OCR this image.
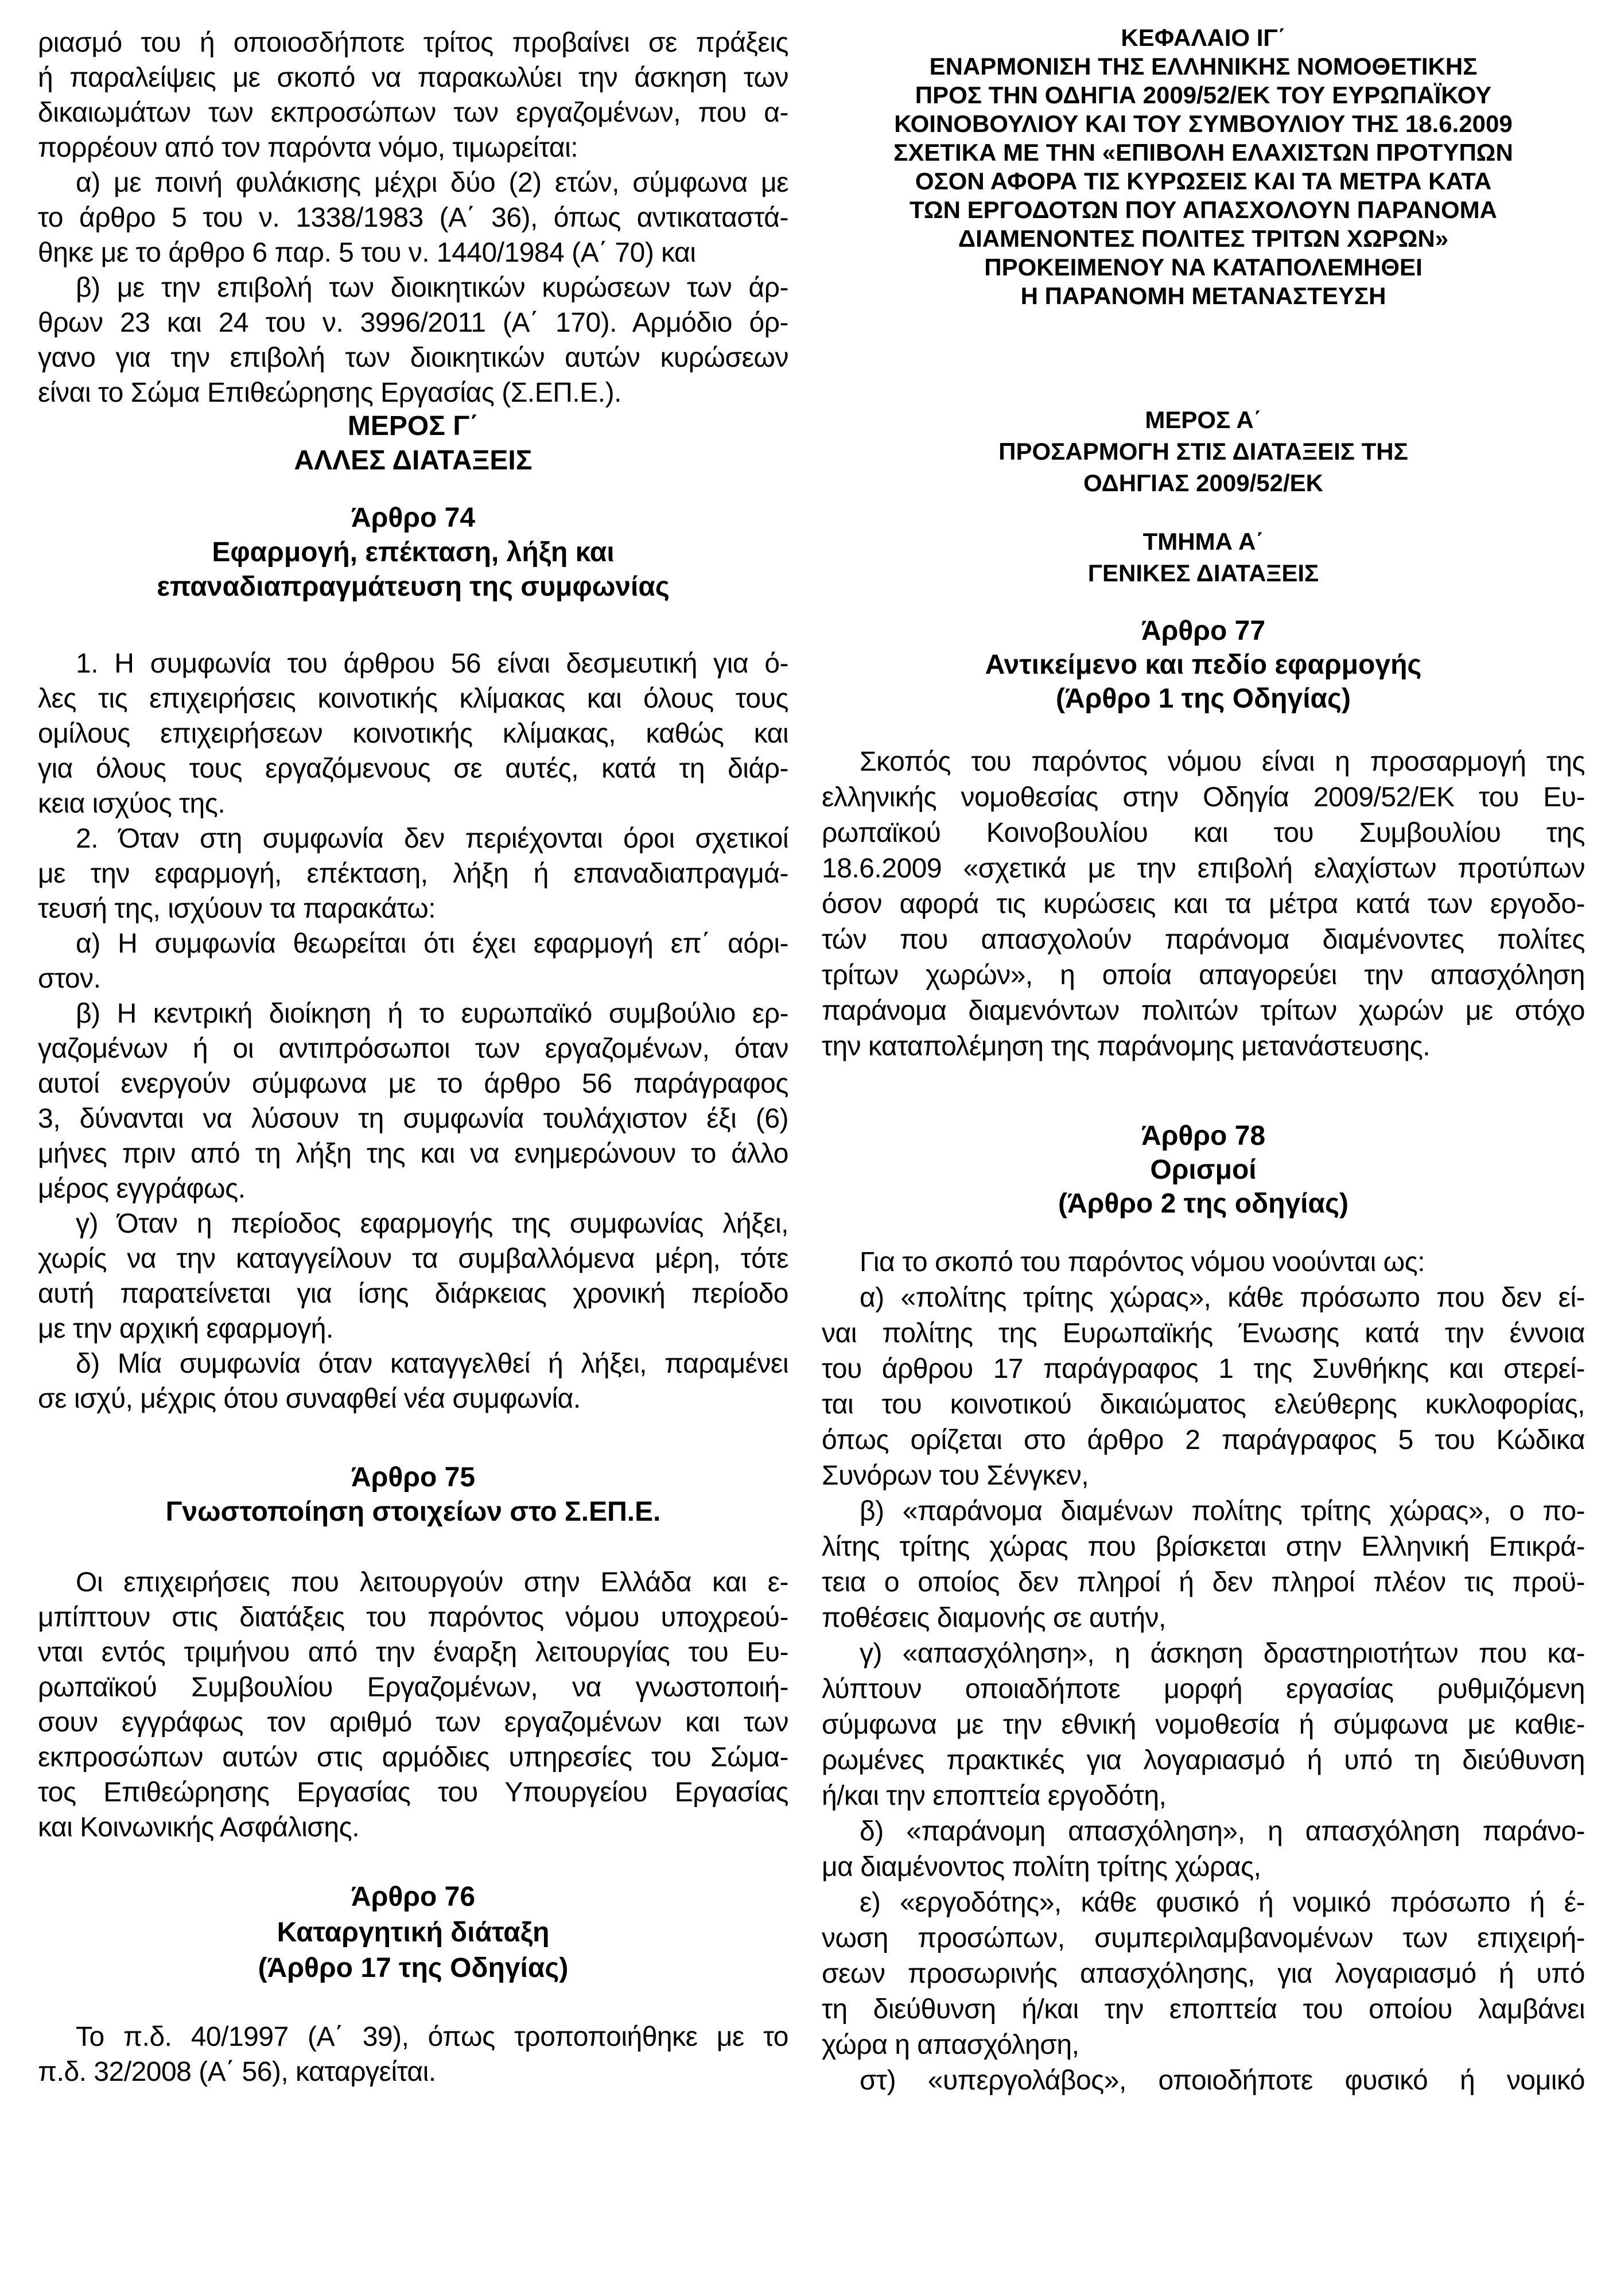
ριασμό του ή οποιοσδήποτε τρίτος προβαίνει σε πράξεις
ή παραλείψεις με σκοπό να παρακωλύει την άσκηση των
δικαιωμάτων των εκπροσώπων των εργαζομένων, που α-
πορρέουν από τον παρόντα νόμο, τιμωρείται:
α) με ποινή φυλάκισης μέχρι δύο (2) ετών, σύμφωνα με
το άρθρο 5 του ν. 1338/1983 (Α΄ 36), όπως αντικαταστά-
θηκε με το άρθρο 6 παρ. 5 του ν. 1440/1984 (Α΄ 70) και
β) με την επιβολή των διοικητικών κυρώσεων των άρ-
θρων 23 και 24 του ν. 3996/2011 (Α΄ 170). Αρμόδιο όρ-
γανο για την επιβολή των διοικητικών αυτών κυρώσεων
είναι το Σώμα Επιθεώρησης Εργασίας (Σ.ΕΠ.Ε.).
ΜΕΡΟΣ Γ΄
ΑΛΛΕΣ ΔΙΑΤΑΞΕΙΣ
Άρθρο 74
Εφαρμογή, επέκταση, λήξη και
επαναδιαπραγμάτευση της συμφωνίας
1. Η συμφωνία του άρθρου 56 είναι δεσμευτική για ό-
λες τις επιχειρήσεις κοινοτικής κλίμακας και όλους τους
ομίλους επιχειρήσεων κοινοτικής κλίμακας, καθώς και
για όλους τους εργαζόμενους σε αυτές, κατά τη διάρ-
κεια ισχύος της.
2. Όταν στη συμφωνία δεν περιέχονται όροι σχετικοί
με την εφαρμογή, επέκταση, λήξη ή επαναδιαπραγμά-
τευσή της, ισχύουν τα παρακάτω:
α) Η συμφωνία θεωρείται ότι έχει εφαρμογή επ΄ αόρι-
στον.
β) Η κεντρική διοίκηση ή το ευρωπαϊκό συμβούλιο ερ-
γαζομένων ή οι αντιπρόσωποι των εργαζομένων, όταν
αυτοί ενεργούν σύμφωνα με το άρθρο 56 παράγραφος
3, δύνανται να λύσουν τη συμφωνία τουλάχιστον έξι (6)
μήνες πριν από τη λήξη της και να ενημερώνουν το άλλο
μέρος εγγράφως.
γ) Όταν η περίοδος εφαρμογής της συμφωνίας λήξει,
χωρίς να την καταγγείλουν τα συμβαλλόμενα μέρη, τότε
αυτή παρατείνεται για ίσης διάρκειας χρονική περίοδο
με την αρχική εφαρμογή.
δ) Μία συμφωνία όταν καταγγελθεί ή λήξει, παραμένει
σε ισχύ, μέχρις ότου συναφθεί νέα συμφωνία.
Άρθρο 75
Γνωστοποίηση στοιχείων στο Σ.ΕΠ.Ε.
Οι επιχειρήσεις που λειτουργούν στην Ελλάδα και ε-
μπίπτουν στις διατάξεις του παρόντος νόμου υποχρεού-
νται εντός τριμήνου από την έναρξη λειτουργίας του Ευ-
ρωπαϊκού Συμβουλίου Εργαζομένων, να γνωστοποιή-
σουν εγγράφως τον αριθμό των εργαζομένων και των
εκπροσώπων αυτών στις αρμόδιες υπηρεσίες του Σώμα-
τος Επιθεώρησης Εργασίας του Υπουργείου Εργασίας
και Κοινωνικής Ασφάλισης.
Άρθρο 76
Καταργητική διάταξη
(Άρθρο 17 της Οδηγίας)
Το π.δ. 40/1997 (Α΄ 39), όπως τροποποιήθηκε με το
π.δ. 32/2008 (Α΄ 56), καταργείται.
ΚΕΦΑΛΑΙΟ ΙΓ΄
ΕΝΑΡΜΟΝΙΣΗ ΤΗΣ ΕΛΛΗΝΙΚΗΣ ΝΟΜΟΘΕΤΙΚΗΣ
ΠΡΟΣ ΤΗΝ ΟΔΗΓΙΑ 2009/52/ΕΚ ΤΟΥ ΕΥΡΩΠΑΪΚΟΥ
ΚΟΙΝΟΒΟΥΛΙΟΥ ΚΑΙ ΤΟΥ ΣΥΜΒΟΥΛΙΟΥ ΤΗΣ 18.6.2009
ΣΧΕΤΙΚΑ ΜΕ ΤΗΝ «ΕΠΙΒΟΛΗ ΕΛΑΧΙΣΤΩΝ ΠΡΟΤΥΠΩΝ
ΟΣΟΝ ΑΦΟΡΑ ΤΙΣ ΚΥΡΩΣΕΙΣ ΚΑΙ ΤΑ ΜΕΤΡΑ ΚΑΤΑ
ΤΩΝ ΕΡΓΟΔΟΤΩΝ ΠΟΥ ΑΠΑΣΧΟΛΟΥΝ ΠΑΡΑΝΟΜΑ
ΔΙΑΜΕΝΟΝΤΕΣ ΠΟΛΙΤΕΣ ΤΡΙΤΩΝ ΧΩΡΩΝ»
ΠΡΟΚΕΙΜΕΝΟΥ ΝΑ ΚΑΤΑΠΟΛΕΜΗΘΕΙ
Η ΠΑΡΑΝΟΜΗ ΜΕΤΑΝΑΣΤΕΥΣΗ
ΜΕΡΟΣ Α΄
ΠΡΟΣΑΡΜΟΓΗ ΣΤΙΣ ΔΙΑΤΑΞΕΙΣ ΤΗΣ
ΟΔΗΓΙΑΣ 2009/52/ΕΚ
ΤΜΗΜΑ Α΄
ΓΕΝΙΚΕΣ ΔΙΑΤΑΞΕΙΣ
Άρθρο 77
Αντικείμενο και πεδίο εφαρμογής
(Άρθρο 1 της Οδηγίας)
Σκοπός του παρόντος νόμου είναι η προσαρμογή της
ελληνικής νομοθεσίας στην Οδηγία 2009/52/ΕΚ του Ευ-
ρωπαϊκού Κοινοβουλίου και του Συμβουλίου της
18.6.2009 «σχετικά με την επιβολή ελαχίστων προτύπων
όσον αφορά τις κυρώσεις και τα μέτρα κατά των εργοδο-
τών που απασχολούν παράνομα διαμένοντες πολίτες
τρίτων χωρών», η οποία απαγορεύει την απασχόληση
παράνομα διαμενόντων πολιτών τρίτων χωρών με στόχο
την καταπολέμηση της παράνομης μετανάστευσης.
Άρθρο 78
Ορισμοί
(Άρθρο 2 της οδηγίας)
Για το σκοπό του παρόντος νόμου νοούνται ως:
α) «πολίτης τρίτης χώρας», κάθε πρόσωπο που δεν εί-
ναι πολίτης της Ευρωπαϊκής Ένωσης κατά την έννοια
του άρθρου 17 παράγραφος 1 της Συνθήκης και στερεί-
ται του κοινοτικού δικαιώματος ελεύθερης κυκλοφορίας,
όπως ορίζεται στο άρθρο 2 παράγραφος 5 του Κώδικα
Συνόρων του Σένγκεν,
β) «παράνομα διαμένων πολίτης τρίτης χώρας», ο πο-
λίτης τρίτης χώρας που βρίσκεται στην Ελληνική Επικρά-
τεια ο οποίος δεν πληροί ή δεν πληροί πλέον τις προϋ-
ποθέσεις διαμονής σε αυτήν,
γ) «απασχόληση», η άσκηση δραστηριοτήτων που κα-
λύπτουν οποιαδήποτε μορφή εργασίας ρυθμιζόμενη
σύμφωνα με την εθνική νομοθεσία ή σύμφωνα με καθιε-
ρωμένες πρακτικές για λογαριασμό ή υπό τη διεύθυνση
ή/και την εποπτεία εργοδότη,
δ) «παράνομη απασχόληση», η απασχόληση παράνο-
μα διαμένοντος πολίτη τρίτης χώρας,
ε) «εργοδότης», κάθε φυσικό ή νομικό πρόσωπο ή έ-
νωση προσώπων, συμπεριλαμβανομένων των επιχειρή-
σεων προσωρινής απασχόλησης, για λογαριασμό ή υπό
τη διεύθυνση ή/και την εποπτεία του οποίου λαμβάνει
χώρα η απασχόληση,
στ) «υπεργολάβος», οποιοδήποτε φυσικό ή νομικό
